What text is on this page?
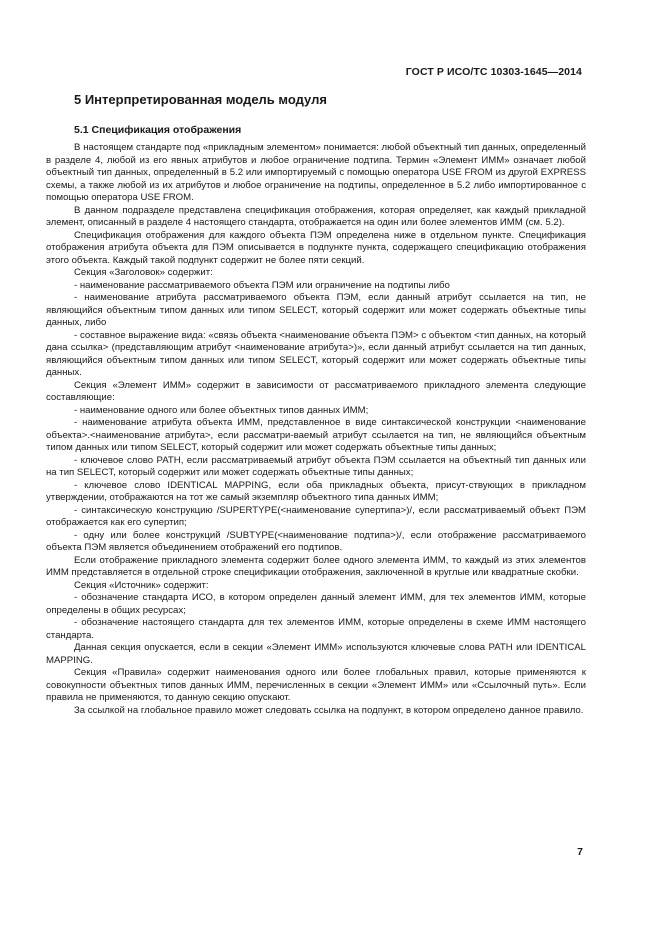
ГОСТ Р ИСО/ТС 10303-1645—2014
5 Интерпретированная модель модуля
5.1 Спецификация отображения

В настоящем стандарте под «прикладным элементом» понимается: любой объектный тип данных, определенный в разделе 4, любой из его явных атрибутов и любое ограничение подтипа. Термин «Элемент ИММ» означает любой объектный тип данных, определенный в 5.2 или импортируемый с помощью оператора USE FROM из другой EXPRESS схемы, а также любой из их атрибутов и любое ограничение на подтипы, определенное в 5.2 либо импортированное с помощью оператора USE FROM.

В данном подразделе представлена спецификация отображения, которая определяет, как каждый прикладной элемент, описанный в разделе 4 настоящего стандарта, отображается на один или более элементов ИММ (см. 5.2).

Спецификация отображения для каждого объекта ПЭМ определена ниже в отдельном пункте. Спецификация отображения атрибута объекта для ПЭМ описывается в подпункте пункта, содержащего спецификацию отображения этого объекта. Каждый такой подпункт содержит не более пяти секций.

Секция «Заголовок» содержит:

- наименование рассматриваемого объекта ПЭМ или ограничение на подтипы либо

- наименование атрибута рассматриваемого объекта ПЭМ, если данный атрибут ссылается на тип, не являющийся объектным типом данных или типом SELECT, который содержит или может содержать объектные типы данных, либо

- составное выражение вида: «связь объекта <наименование объекта ПЭМ> с объектом <тип данных, на который дана ссылка> (представляющим атрибут <наименование атрибута>)», если данный атрибут ссылается на тип данных, являющийся объектным типом данных или типом SELECT, который содержит или может содержать объектные типы данных.

Секция «Элемент ИММ» содержит в зависимости от рассматриваемого прикладного элемента следующие составляющие:

- наименование одного или более объектных типов данных ИММ;

- наименование атрибута объекта ИММ, представленное в виде синтаксической конструкции <наименование объекта>.<наименование атрибута>, если рассматри-ваемый атрибут ссылается на тип, не являющийся объектным типом данных или типом SELECT, который содержит или может содержать объектные типы данных;

- ключевое слово PATH, если рассматриваемый атрибут объекта ПЭМ ссылается на объектный тип данных или на тип SELECT, который содержит или может содержать объектные типы данных;

- ключевое слово IDENTICAL MAPPING, если оба прикладных объекта, присут-ствующих в прикладном утверждении, отображаются на тот же самый экземпляр объектного типа данных ИММ;

- синтаксическую конструкцию /SUPERTYPE(<наименование супертипа>)/, если рассматриваемый объект ПЭМ отображается как его супертип;

- одну или более конструкций /SUBTYPE(<наименование подтипа>)/, если отображение рассматриваемого объекта ПЭМ является объединением отображений его подтипов.

Если отображение прикладного элемента содержит более одного элемента ИММ, то каждый из этих элементов ИММ представляется в отдельной строке спецификации отображения, заключенной в круглые или квадратные скобки.

Секция «Источник» содержит:

- обозначение стандарта ИСО, в котором определен данный элемент ИММ, для тех элементов ИММ, которые определены в общих ресурсах;

- обозначение настоящего стандарта для тех элементов ИММ, которые определены в схеме ИММ настоящего стандарта.

Данная секция опускается, если в секции «Элемент ИММ» используются ключевые слова PATH или IDENTICAL MAPPING.

Секция «Правила» содержит наименования одного или более глобальных правил, которые применяются к совокупности объектных типов данных ИММ, перечисленных в секции «Элемент ИММ» или «Ссылочный путь». Если правила не применяются, то данную секцию опускают.

За ссылкой на глобальное правило может следовать ссылка на подпункт, в котором определено данное правило.

7
